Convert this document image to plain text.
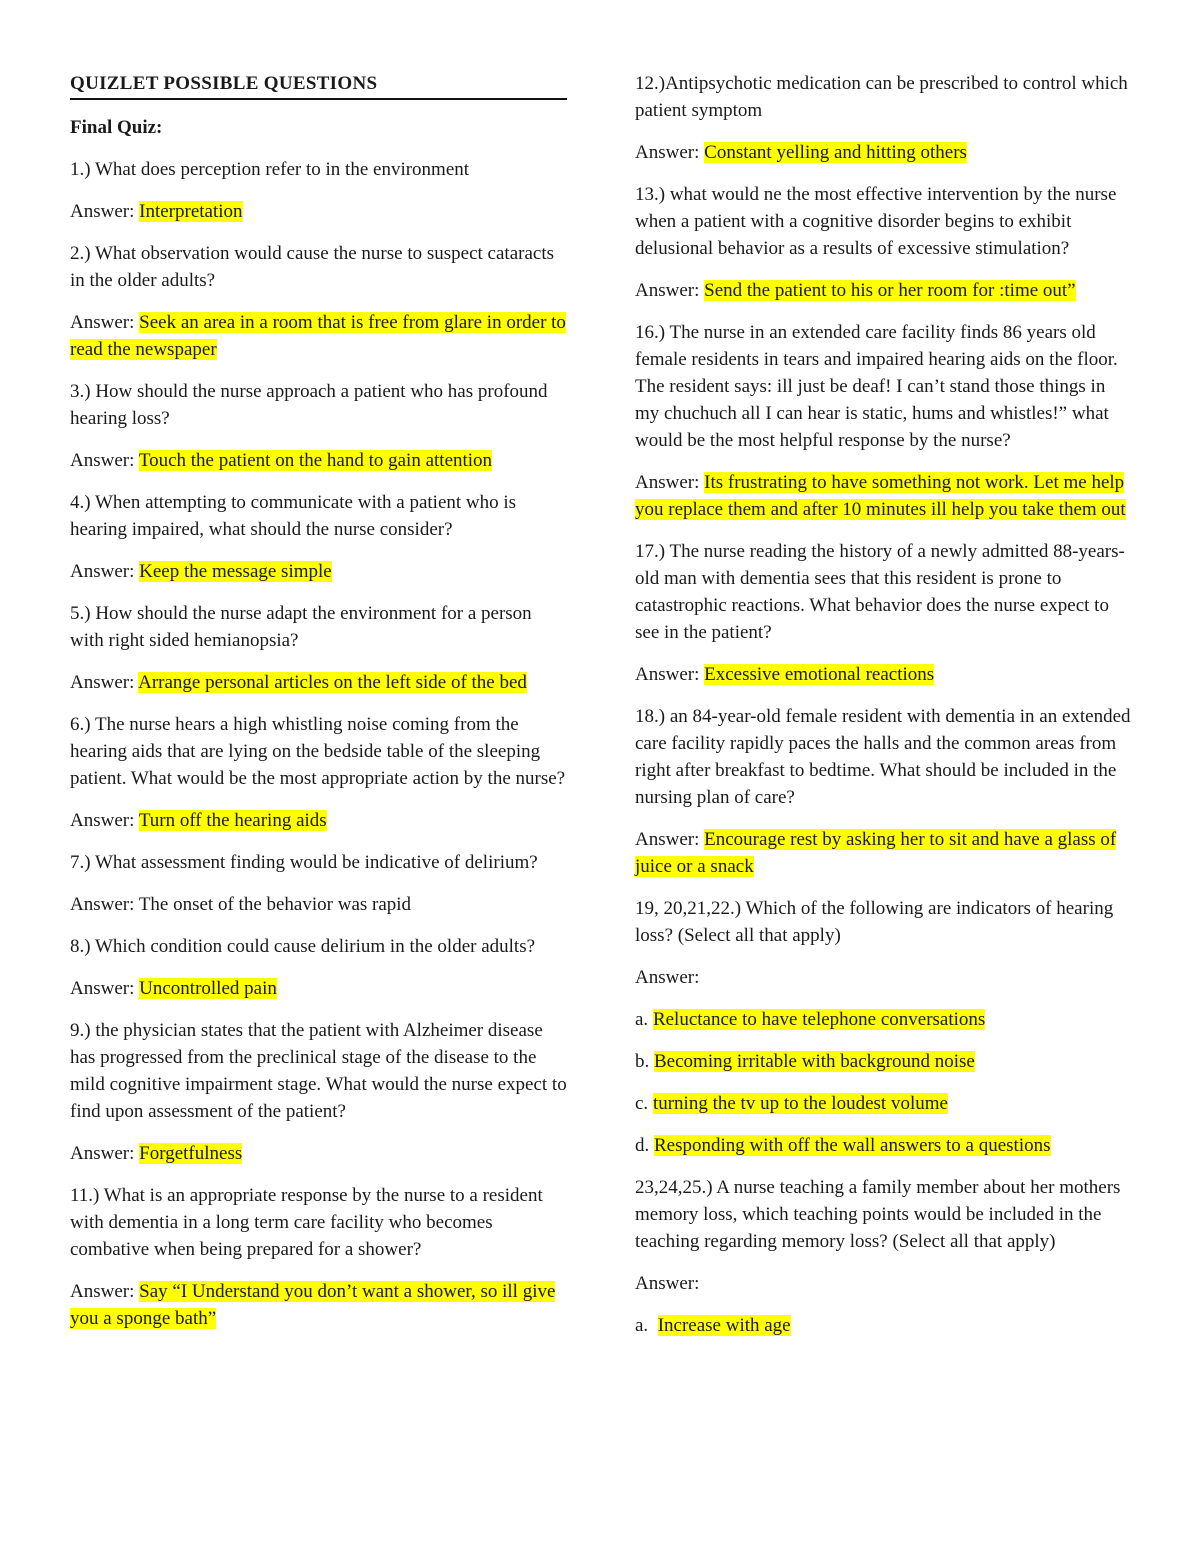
QUIZLET POSSIBLE QUESTIONS
Final Quiz:
1.) What does perception refer to in the environment
Answer: Interpretation
2.) What observation would cause the nurse to suspect cataracts in the older adults?
Answer: Seek an area in a room that is free from glare in order to read the newspaper
3.) How should the nurse approach a patient who has profound hearing loss?
Answer: Touch the patient on the hand to gain attention
4.) When attempting to communicate with a patient who is hearing impaired, what should the nurse consider?
Answer: Keep the message simple
5.) How should the nurse adapt the environment for a person with right sided hemianopsia?
Answer: Arrange personal articles on the left side of the bed
6.) The nurse hears a high whistling noise coming from the hearing aids that are lying on the bedside table of the sleeping patient. What would be the most appropriate action by the nurse?
Answer: Turn off the hearing aids
7.) What assessment finding would be indicative of delirium?
Answer: The onset of the behavior was rapid
8.) Which condition could cause delirium in the older adults?
Answer: Uncontrolled pain
9.) the physician states that the patient with Alzheimer disease has progressed from the preclinical stage of the disease to the mild cognitive impairment stage. What would the nurse expect to find upon assessment of the patient?
Answer: Forgetfulness
11.) What is an appropriate response by the nurse to a resident with dementia in a long term care facility who becomes combative when being prepared for a shower?
Answer: Say “I Understand you don’t want a shower, so ill give you a sponge bath”
12.)Antipsychotic medication can be prescribed to control which patient symptom
Answer: Constant yelling and hitting others
13.) what would ne the most effective intervention by the nurse when a patient with a cognitive disorder begins to exhibit delusional behavior as a results of excessive stimulation?
Answer: Send the patient to his or her room for :time out”
16.) The nurse in an extended care facility finds 86 years old female residents in tears and impaired hearing aids on the floor. The resident says: ill just be deaf! I can’t stand those things in my chuchuch all I can hear is static, hums and whistles!” what would be the most helpful response by the nurse?
Answer: Its frustrating to have something not work. Let me help you replace them and after 10 minutes ill help you take them out
17.) The nurse reading the history of a newly admitted 88-years-old man with dementia sees that this resident is prone to catastrophic reactions. What behavior does the nurse expect to see in the patient?
Answer: Excessive emotional reactions
18.) an 84-year-old female resident with dementia in an extended care facility rapidly paces the halls and the common areas from right after breakfast to bedtime. What should be included in the nursing plan of care?
Answer: Encourage rest by asking her to sit and have a glass of juice or a snack
19, 20,21,22.) Which of the following are indicators of hearing loss? (Select all that apply)
Answer:
a. Reluctance to have telephone conversations
b. Becoming irritable with background noise
c. turning the tv up to the loudest volume
d. Responding with off the wall answers to a questions
23,24,25.) A nurse teaching a family member about her mothers memory loss, which teaching points would be included in the teaching regarding memory loss? (Select all that apply)
Answer:
a. Increase with age
